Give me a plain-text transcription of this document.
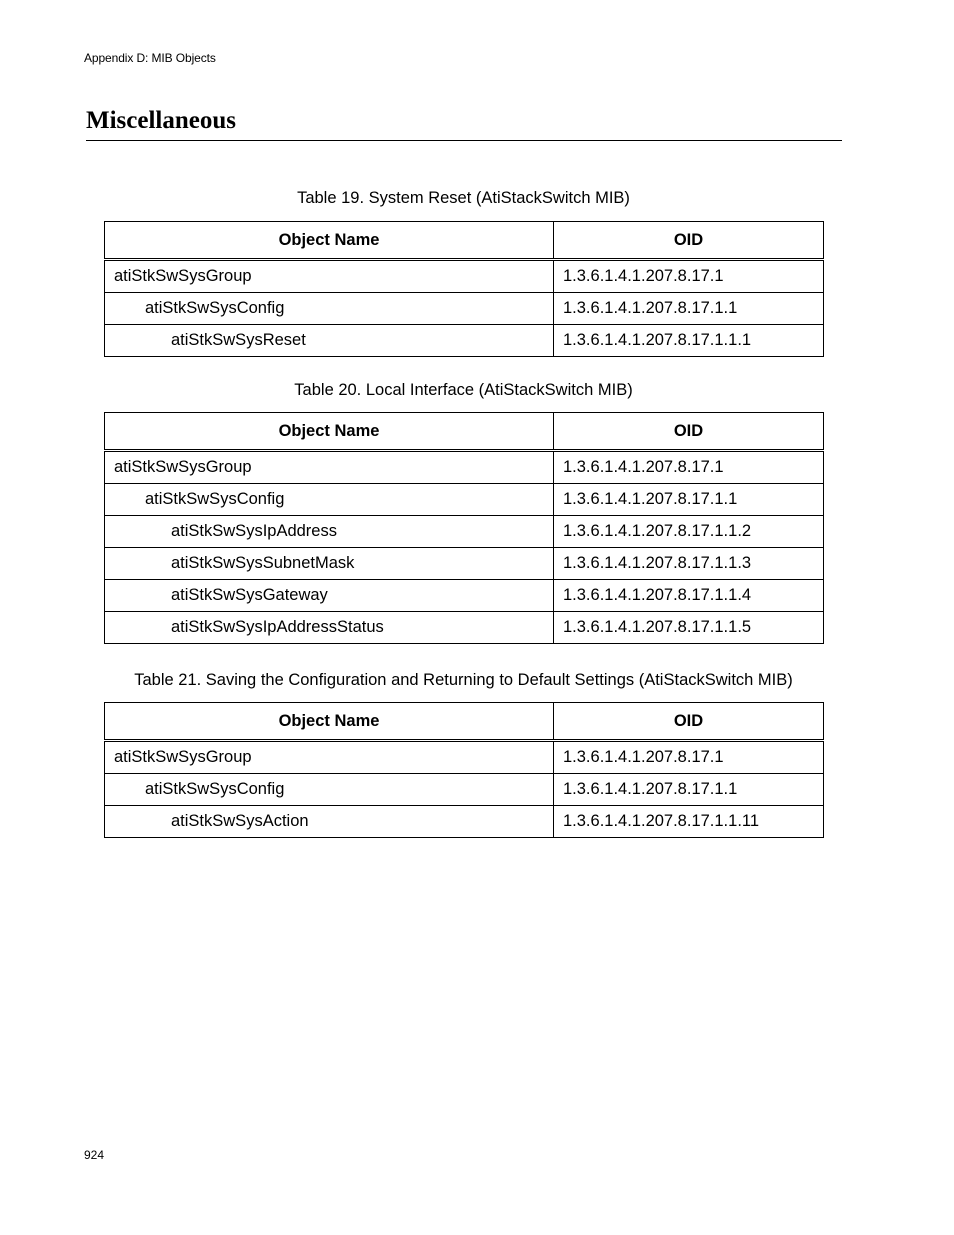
Appendix D: MIB Objects
Miscellaneous
Table 19. System Reset (AtiStackSwitch MIB)
Object Name	OID
atiStkSwSysGroup	1.3.6.1.4.1.207.8.17.1
atiStkSwSysConfig	1.3.6.1.4.1.207.8.17.1.1
atiStkSwSysReset	1.3.6.1.4.1.207.8.17.1.1.1
Table 20. Local Interface (AtiStackSwitch MIB)
Object Name	OID
atiStkSwSysGroup	1.3.6.1.4.1.207.8.17.1
atiStkSwSysConfig	1.3.6.1.4.1.207.8.17.1.1
atiStkSwSysIpAddress	1.3.6.1.4.1.207.8.17.1.1.2
atiStkSwSysSubnetMask	1.3.6.1.4.1.207.8.17.1.1.3
atiStkSwSysGateway	1.3.6.1.4.1.207.8.17.1.1.4
atiStkSwSysIpAddressStatus	1.3.6.1.4.1.207.8.17.1.1.5
Table 21. Saving the Configuration and Returning to Default Settings (AtiStackSwitch MIB)
Object Name	OID
atiStkSwSysGroup	1.3.6.1.4.1.207.8.17.1
atiStkSwSysConfig	1.3.6.1.4.1.207.8.17.1.1
atiStkSwSysAction	1.3.6.1.4.1.207.8.17.1.1.11
924
